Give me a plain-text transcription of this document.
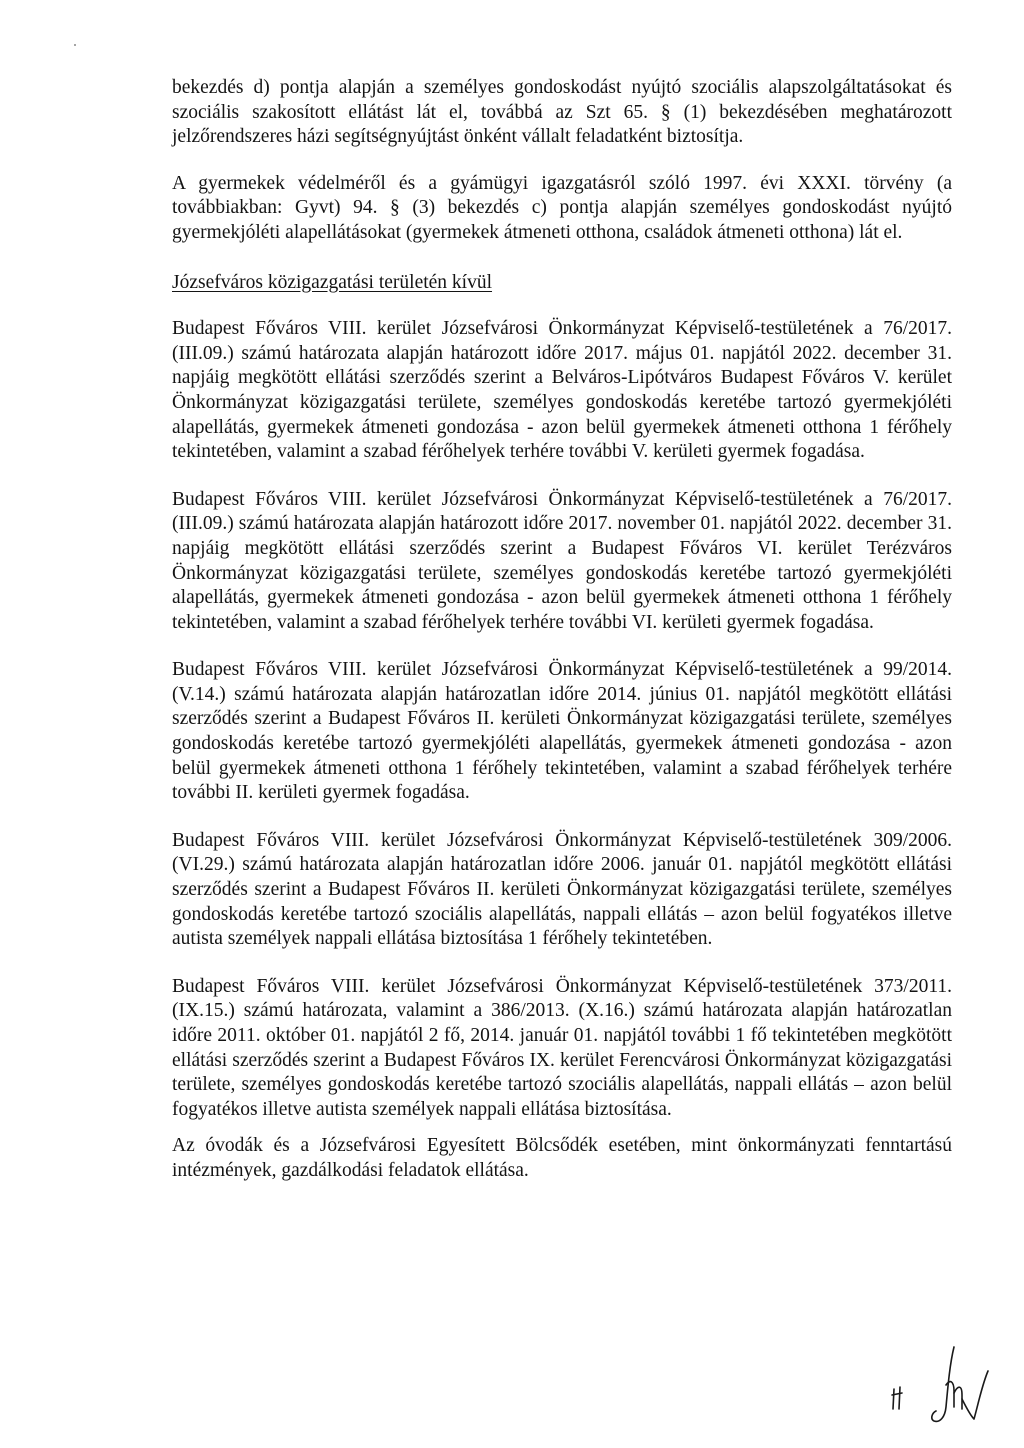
bekezdés d) pontja alapján a személyes gondoskodást nyújtó szociális alapszolgáltatásokat és szociális szakosított ellátást lát el, továbbá az Szt 65. § (1) bekezdésében meghatározott jelzőrendszeres házi segítségnyújtást önként vállalt feladatként biztosítja.

A gyermekek védelméről és a gyámügyi igazgatásról szóló 1997. évi XXXI. törvény (a továbbiakban: Gyvt) 94. § (3) bekezdés c) pontja alapján személyes gondoskodást nyújtó gyermekjóléti alapellátásokat (gyermekek átmeneti otthona, családok átmeneti otthona) lát el.

Józsefváros közigazgatási területén kívül

Budapest Főváros VIII. kerület Józsefvárosi Önkormányzat Képviselő-testületének a 76/2017. (III.09.) számú határozata alapján határozott időre 2017. május 01. napjától 2022. december 31. napjáig megkötött ellátási szerződés szerint a Belváros-Lipótváros Budapest Főváros V. kerület Önkormányzat közigazgatási területe, személyes gondoskodás keretébe tartozó gyermekjóléti alapellátás, gyermekek átmeneti gondozása - azon belül gyermekek átmeneti otthona 1 férőhely tekintetében, valamint a szabad férőhelyek terhére további V. kerületi gyermek fogadása.

Budapest Főváros VIII. kerület Józsefvárosi Önkormányzat Képviselő-testületének a 76/2017. (III.09.) számú határozata alapján határozott időre 2017. november 01. napjától 2022. december 31. napjáig megkötött ellátási szerződés szerint a Budapest Főváros VI. kerület Terézváros Önkormányzat közigazgatási területe, személyes gondoskodás keretébe tartozó gyermekjóléti alapellátás, gyermekek átmeneti gondozása - azon belül gyermekek átmeneti otthona 1 férőhely tekintetében, valamint a szabad férőhelyek terhére további VI. kerületi gyermek fogadása.

Budapest Főváros VIII. kerület Józsefvárosi Önkormányzat Képviselő-testületének a 99/2014. (V.14.) számú határozata alapján határozatlan időre 2014. június 01. napjától megkötött ellátási szerződés szerint a Budapest Főváros II. kerületi Önkormányzat közigazgatási területe, személyes gondoskodás keretébe tartozó gyermekjóléti alapellátás, gyermekek átmeneti gondozása - azon belül gyermekek átmeneti otthona 1 férőhely tekintetében, valamint a szabad férőhelyek terhére további II. kerületi gyermek fogadása.

Budapest Főváros VIII. kerület Józsefvárosi Önkormányzat Képviselő-testületének 309/2006. (VI.29.) számú határozata alapján határozatlan időre 2006. január 01. napjától megkötött ellátási szerződés szerint a Budapest Főváros II. kerületi Önkormányzat közigazgatási területe, személyes gondoskodás keretébe tartozó szociális alapellátás, nappali ellátás – azon belül fogyatékos illetve autista személyek nappali ellátása biztosítása 1 férőhely tekintetében.

Budapest Főváros VIII. kerület Józsefvárosi Önkormányzat Képviselő-testületének 373/2011. (IX.15.) számú határozata, valamint a 386/2013. (X.16.) számú határozata alapján határozatlan időre 2011. október 01. napjától 2 fő, 2014. január 01. napjától további 1 fő tekintetében megkötött ellátási szerződés szerint a Budapest Főváros IX. kerület Ferencvárosi Önkormányzat közigazgatási területe, személyes gondoskodás keretébe tartozó szociális alapellátás, nappali ellátás – azon belül fogyatékos illetve autista személyek nappali ellátása biztosítása.

Az óvodák és a Józsefvárosi Egyesített Bölcsődék esetében, mint önkormányzati fenntartású intézmények, gazdálkodási feladatok ellátása.
